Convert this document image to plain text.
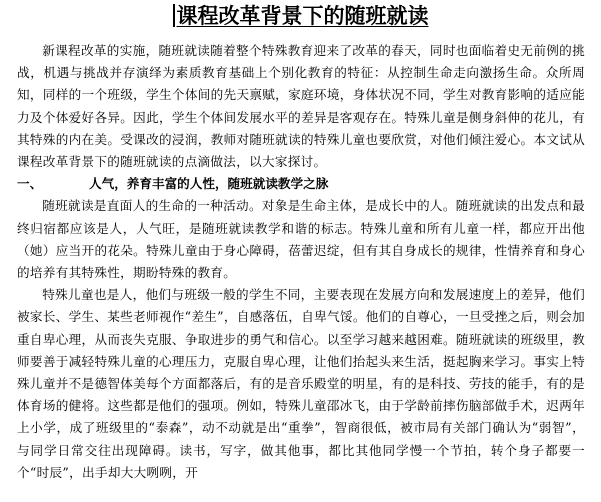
课程改革背景下的随班就读

新课程改革的实施，随班就读随着整个特殊教育迎来了改革的春天，同时也面临着史无前例的挑战，机遇与挑战并存演绎为素质教育基础上个别化教育的特征：从控制生命走向激扬生命。众所周知，同样的一个班级，学生个体间的先天禀赋，家庭环境，身体状况不同，学生对教育影响的适应能力及个体爱好各异。因此，学生个体间发展水平的差异是客观存在。特殊儿童是侧身斜伸的花儿，有其特殊的内在美。受课改的浸润，教师对随班就读的特殊儿童也要欣赏，对他们倾注爱心。本文试从课程改革背景下的随班就读的点滴做法，以大家探讨。

一、	人气，养育丰富的人性，随班就读教学之脉

随班就读是直面人的生命的一种活动。对象是生命主体，是成长中的人。随班就读的出发点和最终归宿都应该是人，人气旺，是随班就读教学和谐的标志。特殊儿童和所有儿童一样，都应开出他（她）应当开的花朵。特殊儿童由于身心障碍，蓓蕾迟绽，但有其自身成长的规律，性情养育和身心的培养有其特殊性，期盼特殊的教育。

特殊儿童也是人，他们与班级一般的学生不同，主要表现在发展方向和发展速度上的差异，他们被家长、学生、某些老师视作“差生”，自感落伍，自卑气馁。他们的自尊心，一旦受挫之后，则会加重自卑心理，从而丧失克服、争取进步的勇气和信心。以至学习越来越困难。随班就读的班级里，教师要善于减轻特殊儿童的心理压力，克服自卑心理，让他们抬起头来生活，挺起胸来学习。事实上特殊儿童并不是德智体美每个方面都落后，有的是音乐殿堂的明星，有的是科技、劳技的能手，有的是体育场的健将。这些都是他们的强项。例如，特殊儿童邵冰飞，由于学龄前摔伤脑部做手术，迟两年上小学，成了班级里的“泰森”，动不动就是出“重拳”，智商很低，被市局有关部门确认为“弱智”，与同学日常交往出现障碍。读书，写字，做其他事，都比其他同学慢一个节拍，转个身子都要一个“时辰”，出手却大大咧咧，开
